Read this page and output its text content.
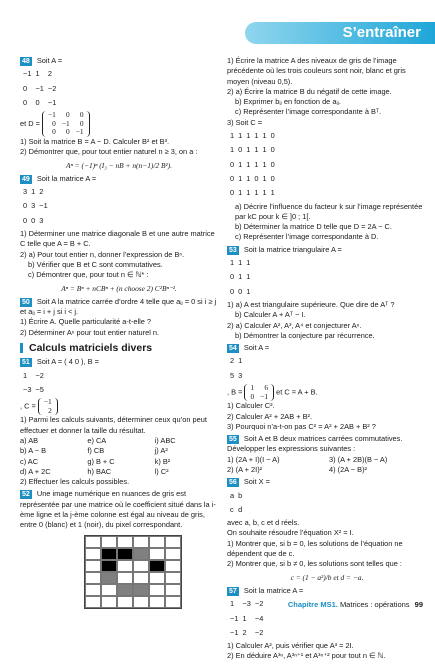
S’entraîner

48 Soit A =

−1	1	2
0	−1	−2
0	0	−1
et D =
−1	0	0
0	−1	0
0	0	−1

1) Soit la matrice B = A − D. Calculer B² et B³.

2) Démontrer que, pour tout entier naturel n ≥ 3, on a :

Aⁿ = (−1)ⁿ (I₃ − nB + n(n−1)/2 B²).

49 Soit la matrice A =

3	1	2
0	3	−1
0	0	3

1) Déterminer une matrice diagonale B et une autre matrice C telle que A = B + C.

2) a) Pour tout entier n, donner l’expression de Bⁿ.

b) Vérifier que B et C sont commutatives.

c) Démontrer que, pour tout n ∈ ℕ* :

Aⁿ = Bⁿ + nCBⁿ + (n choose 2) C²Bⁿ⁻².

50 Soit A la matrice carrée d’ordre 4 telle que aᵢⱼ = 0 si i ≥ j et aᵢⱼ = i + j si i < j.

1) Écrire A. Quelle particularité a-t-elle ?

2) Déterminer Aⁿ pour tout entier naturel n.

Calculs matriciels divers

51 Soit A = ( 4 0 ), B =

1	−2
−3	−5
, C =
−1
2

1) Parmi les calculs suivants, déterminer ceux qu’on peut effectuer et donner la taille du résultat.

a) AB	e) CA	i) ABC
b) A − B	f) CB	j) A²
c) AC	g) B + C	k) B²
d) A + 2C	h) BAC	l) C²

2) Effectuer les calculs possibles.

52 Une image numérique en nuances de gris est représentée par une matrice où le coefficient situé dans la i-ème ligne et la j-ème colonne est égal au niveau de gris, entre 0 (blanc) et 1 (noir), du pixel correspondant.

1) Écrire la matrice A des niveaux de gris de l’image précédente où les trois couleurs sont noir, blanc et gris moyen (niveau 0,5).

2) a) Écrire la matrice B du négatif de cette image.

b) Exprimer bᵢⱼ en fonction de aᵢⱼ.

c) Représenter l’image correspondante à Bᵀ.

3) Soit C =

1	1	1	1	1	0
1	0	1	1	1	0
0	1	1	1	1	0
0	1	1	0	1	0
0	1	1	1	1	1

a) Décrire l’influence du facteur k sur l’image représentée par kC pour k ∈ ]0 ; 1[.

b) Déterminer la matrice D telle que D = 2A − C.

c) Représenter l’image correspondante à D.

53 Soit la matrice triangulaire A =

1	1	1
0	1	1
0	0	1

1) a) A est triangulaire supérieure. Que dire de Aᵀ ?

b) Calculer A + Aᵀ − I.

2) a) Calculer A², A³, A⁴ et conjecturer Aⁿ.

b) Démontrer la conjecture par récurrence.

54 Soit A =

2	1
5	3
, B =
1	6
0	−1 et C = A + B.

1) Calculer C².

2) Calculer A² + 2AB + B².

3) Pourquoi n’a-t-on pas C² = A² + 2AB + B² ?

55 Soit A et B deux matrices carrées commutatives. Développer les expressions suivantes :

1) (2A + I)(I − A)	3) (A + 2B)(B − A)
2) (A + 2I)²	4) (2A − B)²

56 Soit X =

a	b
c	d
avec a, b, c et d réels.

On souhaite résoudre l’équation X² = I.

1) Montrer que, si b = 0, les solutions de l’équation ne dépendent que de c.

2) Montrer que, si b ≠ 0, les solutions sont telles que :

c = (1 − a²)/b et d = −a.

57 Soit la matrice A =

1	−3	−2
−1	1	−4
−1	2	−2

1) Calculer A², puis vérifier que A³ = 2I.

2) En déduire A³ⁿ, A³ⁿ⁺¹ et A³ⁿ⁺² pour tout n ∈ ℕ.

Chapitre MS1. Matrices : opérations 99
